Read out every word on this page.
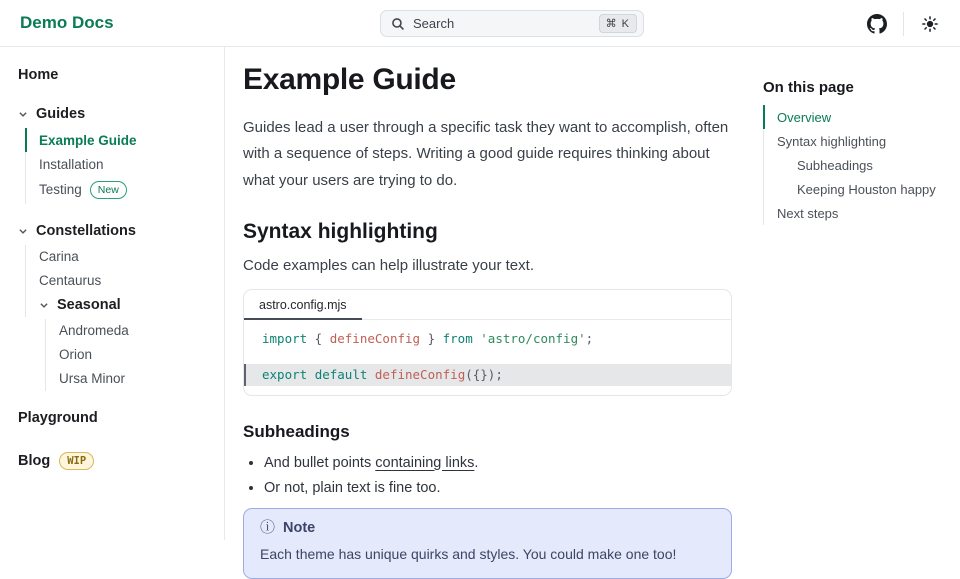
Demo Docs	Search	⌘ K
Home
Guides
Example Guide
Installation
Testing	New
Constellations
Carina
Centaurus
Seasonal
Andromeda
Orion
Ursa Minor
Playground
Blog	WIP
Example Guide

Guides lead a user through a specific task they want to accomplish, often with a sequence of steps. Writing a good guide requires thinking about what your users are trying to do.

Syntax highlighting

Code examples can help illustrate your text.

astro.config.mjs
import { defineConfig } from 'astro/config';
export default defineConfig({});
Subheadings
• And bullet points containing links.
• Or not, plain text is fine too.
ⓘ Note
Each theme has unique quirks and styles. You could make one too!
On this page
Overview
Syntax highlighting
Subheadings
Keeping Houston happy
Next steps
